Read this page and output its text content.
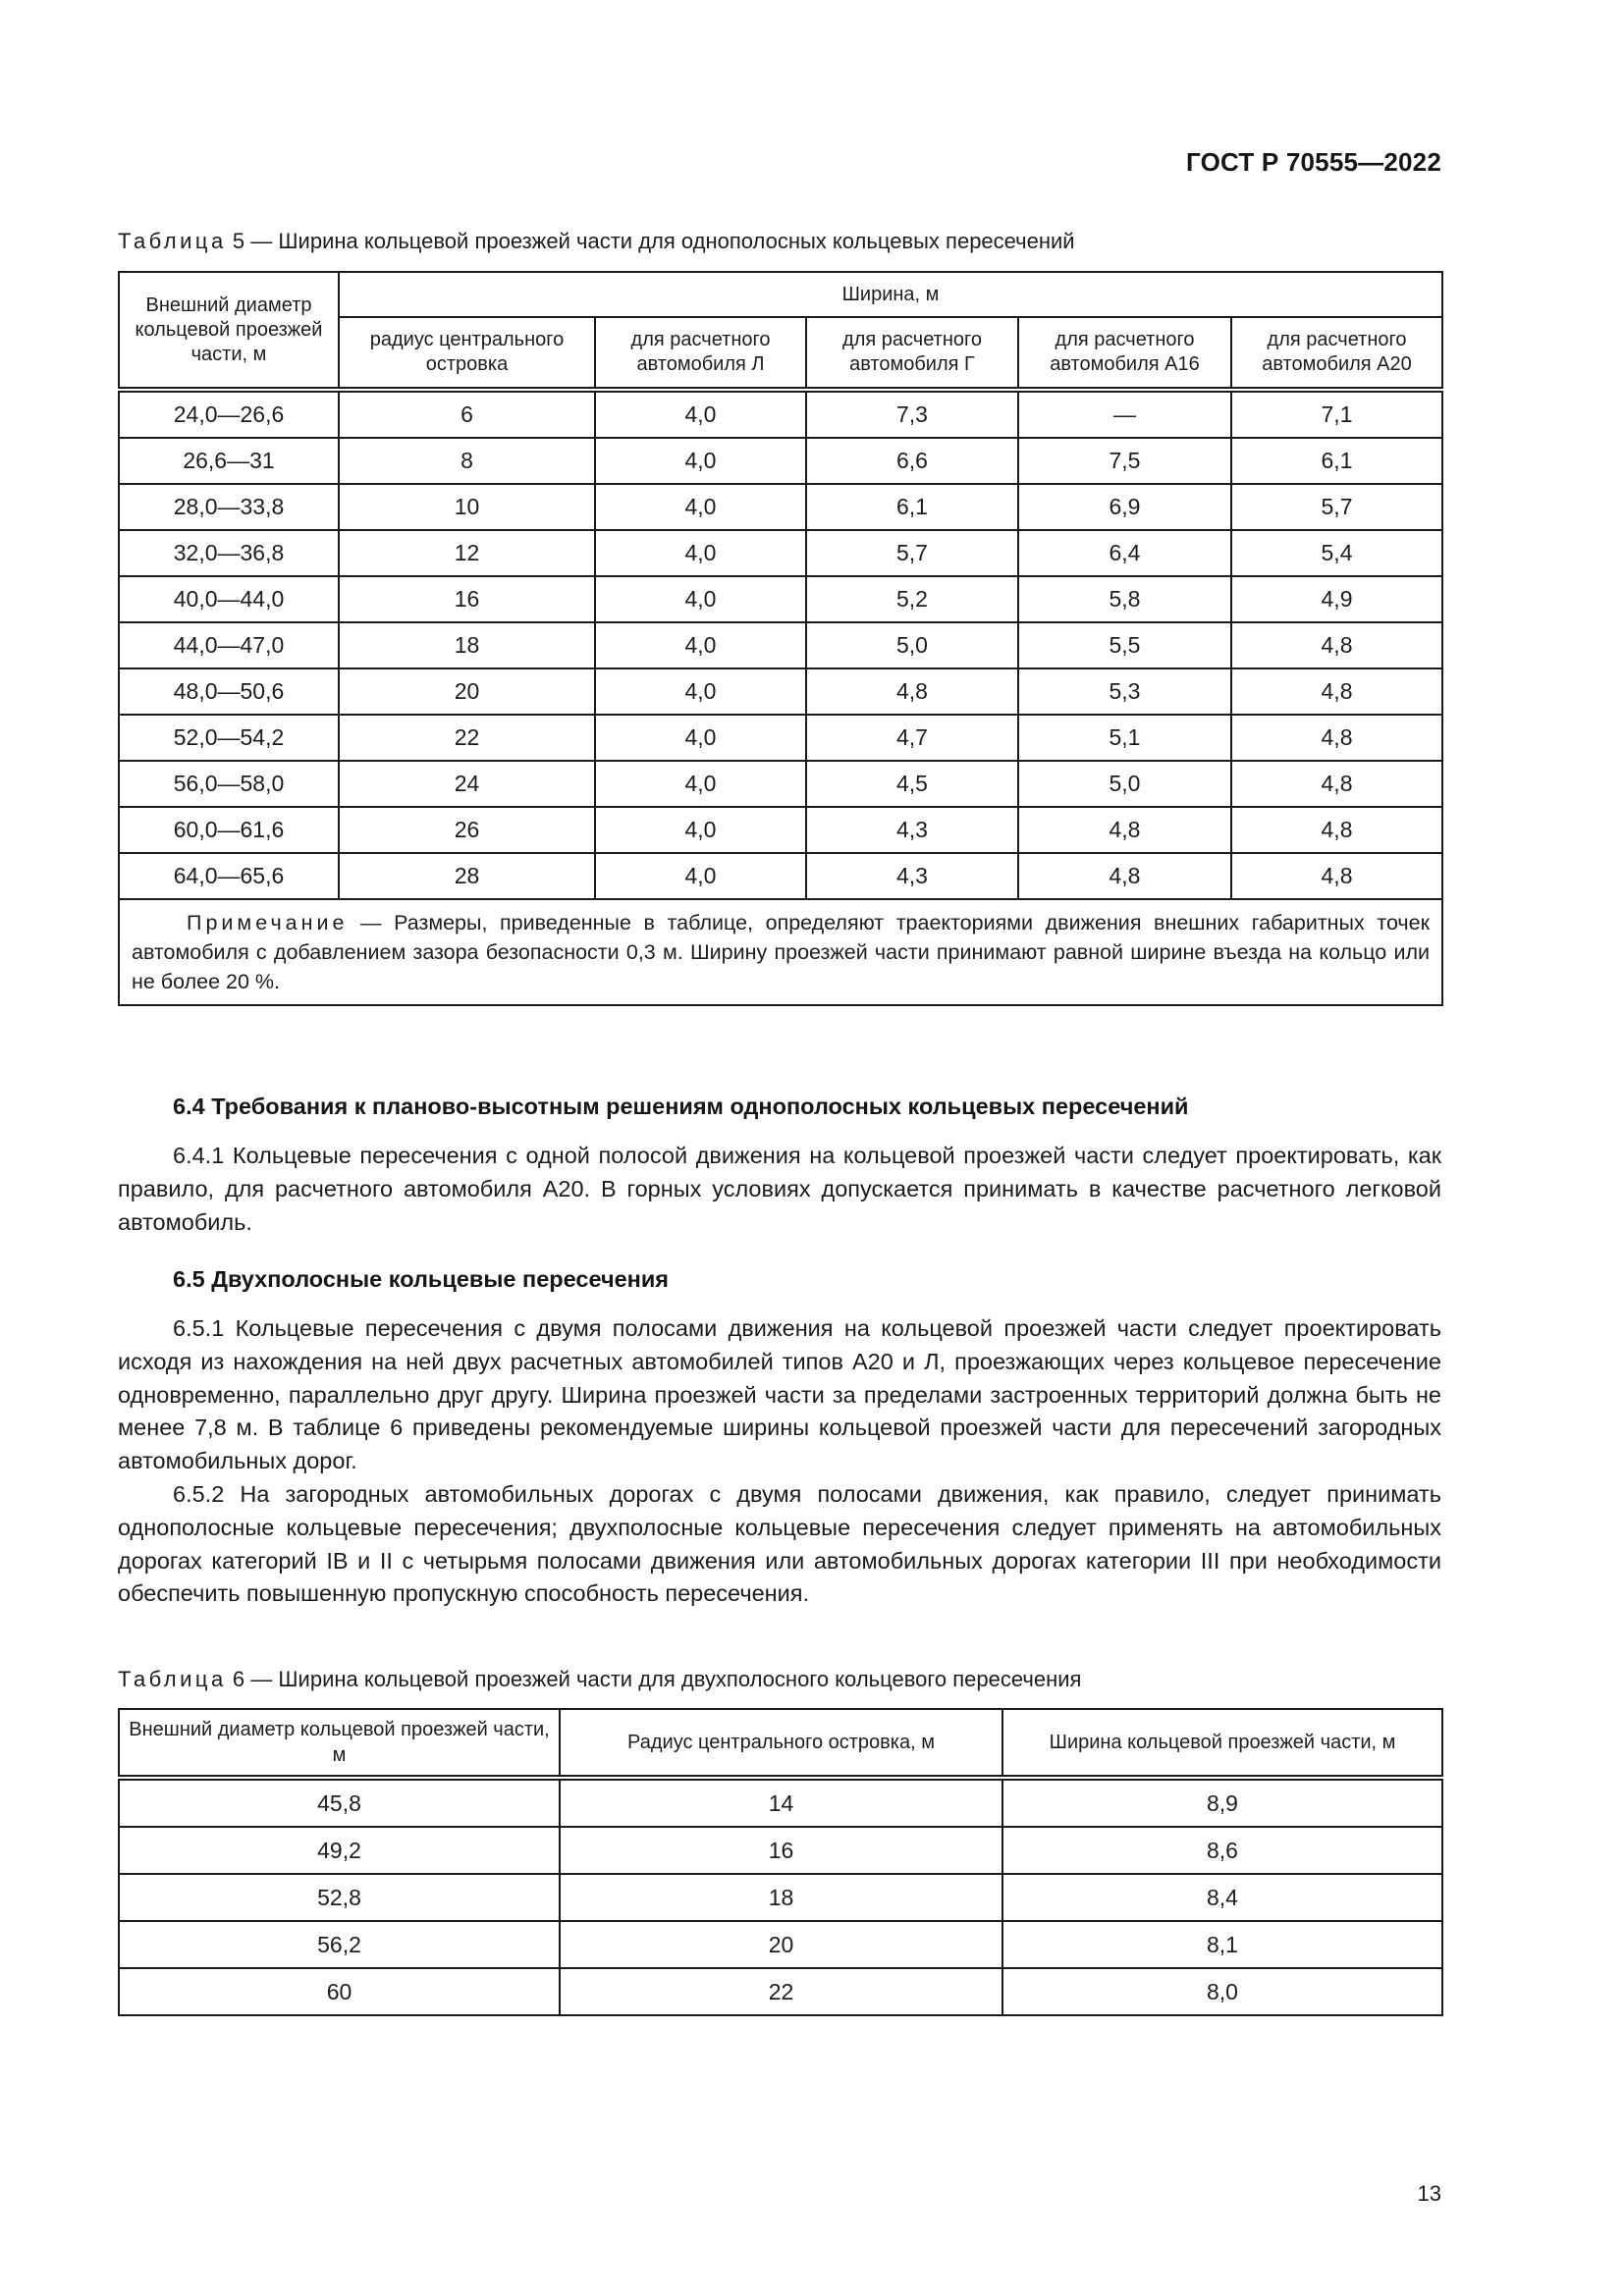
ГОСТ Р 70555—2022
Таблица 5 — Ширина кольцевой проезжей части для однополосных кольцевых пересечений
Внешний диаметр кольцевой проезжей части, м	Ширина, м				
	радиус центрального островка	для расчетного автомобиля Л	для расчетного автомобиля Г	для расчетного автомобиля А16	для расчетного автомобиля А20
24,0—26,6	6	4,0	7,3	—	7,1
26,6—31	8	4,0	6,6	7,5	6,1
28,0—33,8	10	4,0	6,1	6,9	5,7
32,0—36,8	12	4,0	5,7	6,4	5,4
40,0—44,0	16	4,0	5,2	5,8	4,9
44,0—47,0	18	4,0	5,0	5,5	4,8
48,0—50,6	20	4,0	4,8	5,3	4,8
52,0—54,2	22	4,0	4,7	5,1	4,8
56,0—58,0	24	4,0	4,5	5,0	4,8
60,0—61,6	26	4,0	4,3	4,8	4,8
64,0—65,6	28	4,0	4,3	4,8	4,8
Примечание — Размеры, приведенные в таблице, определяют траекториями движения внешних габаритных точек автомобиля с добавлением зазора безопасности 0,3 м. Ширину проезжей части принимают равной ширине въезда на кольцо или не более 20 %.					
6.4 Требования к планово-высотным решениям однополосных кольцевых пересечений

6.4.1 Кольцевые пересечения с одной полосой движения на кольцевой проезжей части следует проектировать, как правило, для расчетного автомобиля А20. В горных условиях допускается принимать в качестве расчетного легковой автомобиль.

6.5 Двухполосные кольцевые пересечения

6.5.1 Кольцевые пересечения с двумя полосами движения на кольцевой проезжей части следует проектировать исходя из нахождения на ней двух расчетных автомобилей типов А20 и Л, проезжающих через кольцевое пересечение одновременно, параллельно друг другу. Ширина проезжей части за пределами застроенных территорий должна быть не менее 7,8 м. В таблице 6 приведены рекомендуемые ширины кольцевой проезжей части для пересечений загородных автомобильных дорог.

6.5.2 На загородных автомобильных дорогах с двумя полосами движения, как правило, следует принимать однополосные кольцевые пересечения; двухполосные кольцевые пересечения следует применять на автомобильных дорогах категорий IВ и II с четырьмя полосами движения или автомобильных дорогах категории III при необходимости обеспечить повышенную пропускную способность пересечения.

Таблица 6 — Ширина кольцевой проезжей части для двухполосного кольцевого пересечения
Внешний диаметр кольцевой проезжей части, м	Радиус центрального островка, м	Ширина кольцевой проезжей части, м
45,8	14	8,9
49,2	16	8,6
52,8	18	8,4
56,2	20	8,1
60	22	8,0
13
